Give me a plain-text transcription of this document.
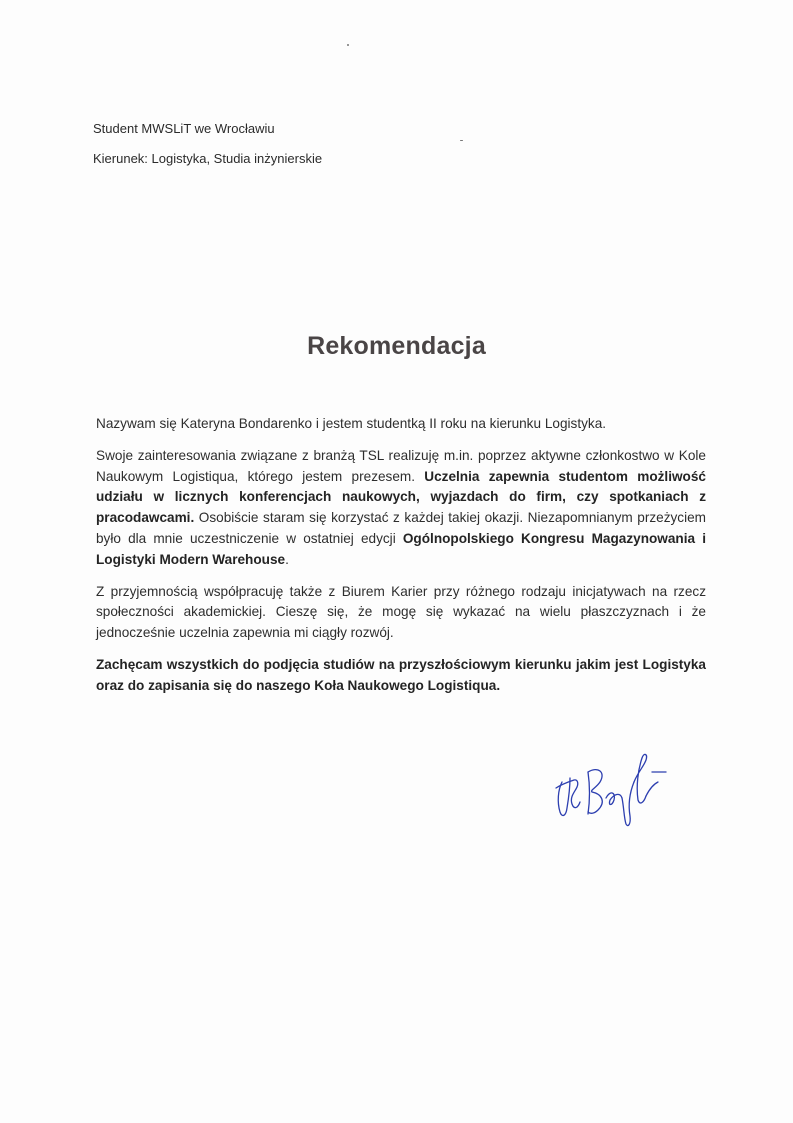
Student MWSLiT we Wrocławiu
Kierunek: Logistyka, Studia inżynierskie
Rekomendacja

Nazywam się Kateryna Bondarenko i jestem studentką II roku na kierunku Logistyka.

Swoje zainteresowania związane z branżą TSL realizuję m.in. poprzez aktywne członkostwo w Kole Naukowym Logistiqua, którego jestem prezesem. Uczelnia zapewnia studentom możliwość udziału w licznych konferencjach naukowych, wyjazdach do firm, czy spotkaniach z pracodawcami. Osobiście staram się korzystać z każdej takiej okazji. Niezapomnianym przeżyciem było dla mnie uczestniczenie w ostatniej edycji Ogólnopolskiego Kongresu Magazynowania i Logistyki Modern Warehouse.

Z przyjemnością współpracuję także z Biurem Karier przy różnego rodzaju inicjatywach na rzecz społeczności akademickiej. Cieszę się, że mogę się wykazać na wielu płaszczyznach i że jednocześnie uczelnia zapewnia mi ciągły rozwój.

Zachęcam wszystkich do podjęcia studiów na przyszłościowym kierunku jakim jest Logistyka oraz do zapisania się do naszego Koła Naukowego Logistiqua.
